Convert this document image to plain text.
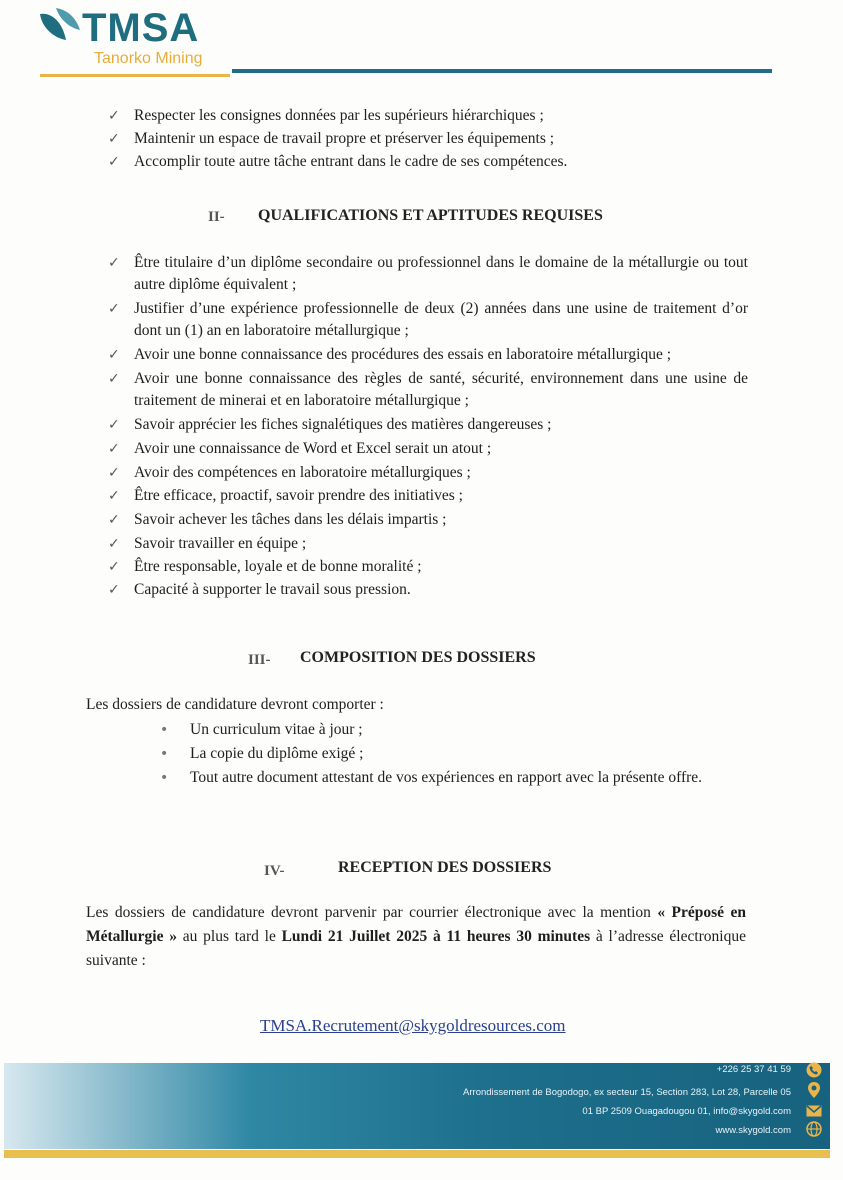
TMSA
Tanorko Mining
✓ Respecter les consignes données par les supérieurs hiérarchiques ;
✓ Maintenir un espace de travail propre et préserver les équipements ;
✓ Accomplir toute autre tâche entrant dans le cadre de ses compétences.
II- QUALIFICATIONS ET APTITUDES REQUISES
✓ Être titulaire d’un diplôme secondaire ou professionnel dans le domaine de la métallurgie ou tout autre diplôme équivalent ;
✓ Justifier d’une expérience professionnelle de deux (2) années dans une usine de traitement d’or dont un (1) an en laboratoire métallurgique ;
✓ Avoir une bonne connaissance des procédures des essais en laboratoire métallurgique ;
✓ Avoir une bonne connaissance des règles de santé, sécurité, environnement dans une usine de traitement de minerai et en laboratoire métallurgique ;
✓ Savoir apprécier les fiches signalétiques des matières dangereuses ;
✓ Avoir une connaissance de Word et Excel serait un atout ;
✓ Avoir des compétences en laboratoire métallurgiques ;
✓ Être efficace, proactif, savoir prendre des initiatives ;
✓ Savoir achever les tâches dans les délais impartis ;
✓ Savoir travailler en équipe ;
✓ Être responsable, loyale et de bonne moralité ;
✓ Capacité à supporter le travail sous pression.
III- COMPOSITION DES DOSSIERS
Les dossiers de candidature devront comporter :
• Un curriculum vitae à jour ;
• La copie du diplôme exigé ;
• Tout autre document attestant de vos expériences en rapport avec la présente offre.
IV-	RECEPTION DES DOSSIERS
Les dossiers de candidature devront parvenir par courrier électronique avec la mention « Préposé en Métallurgie » au plus tard le Lundi 21 Juillet 2025 à 11 heures 30 minutes à l’adresse électronique suivante :
TMSA.Recrutement@skygoldresources.com
+226 25 37 41 59
Arrondissement de Bogodogo, ex secteur 15, Section 283, Lot 28, Parcelle 05
01 BP 2509 Ouagadougou 01, info@skygold.com
www.skygold.com
